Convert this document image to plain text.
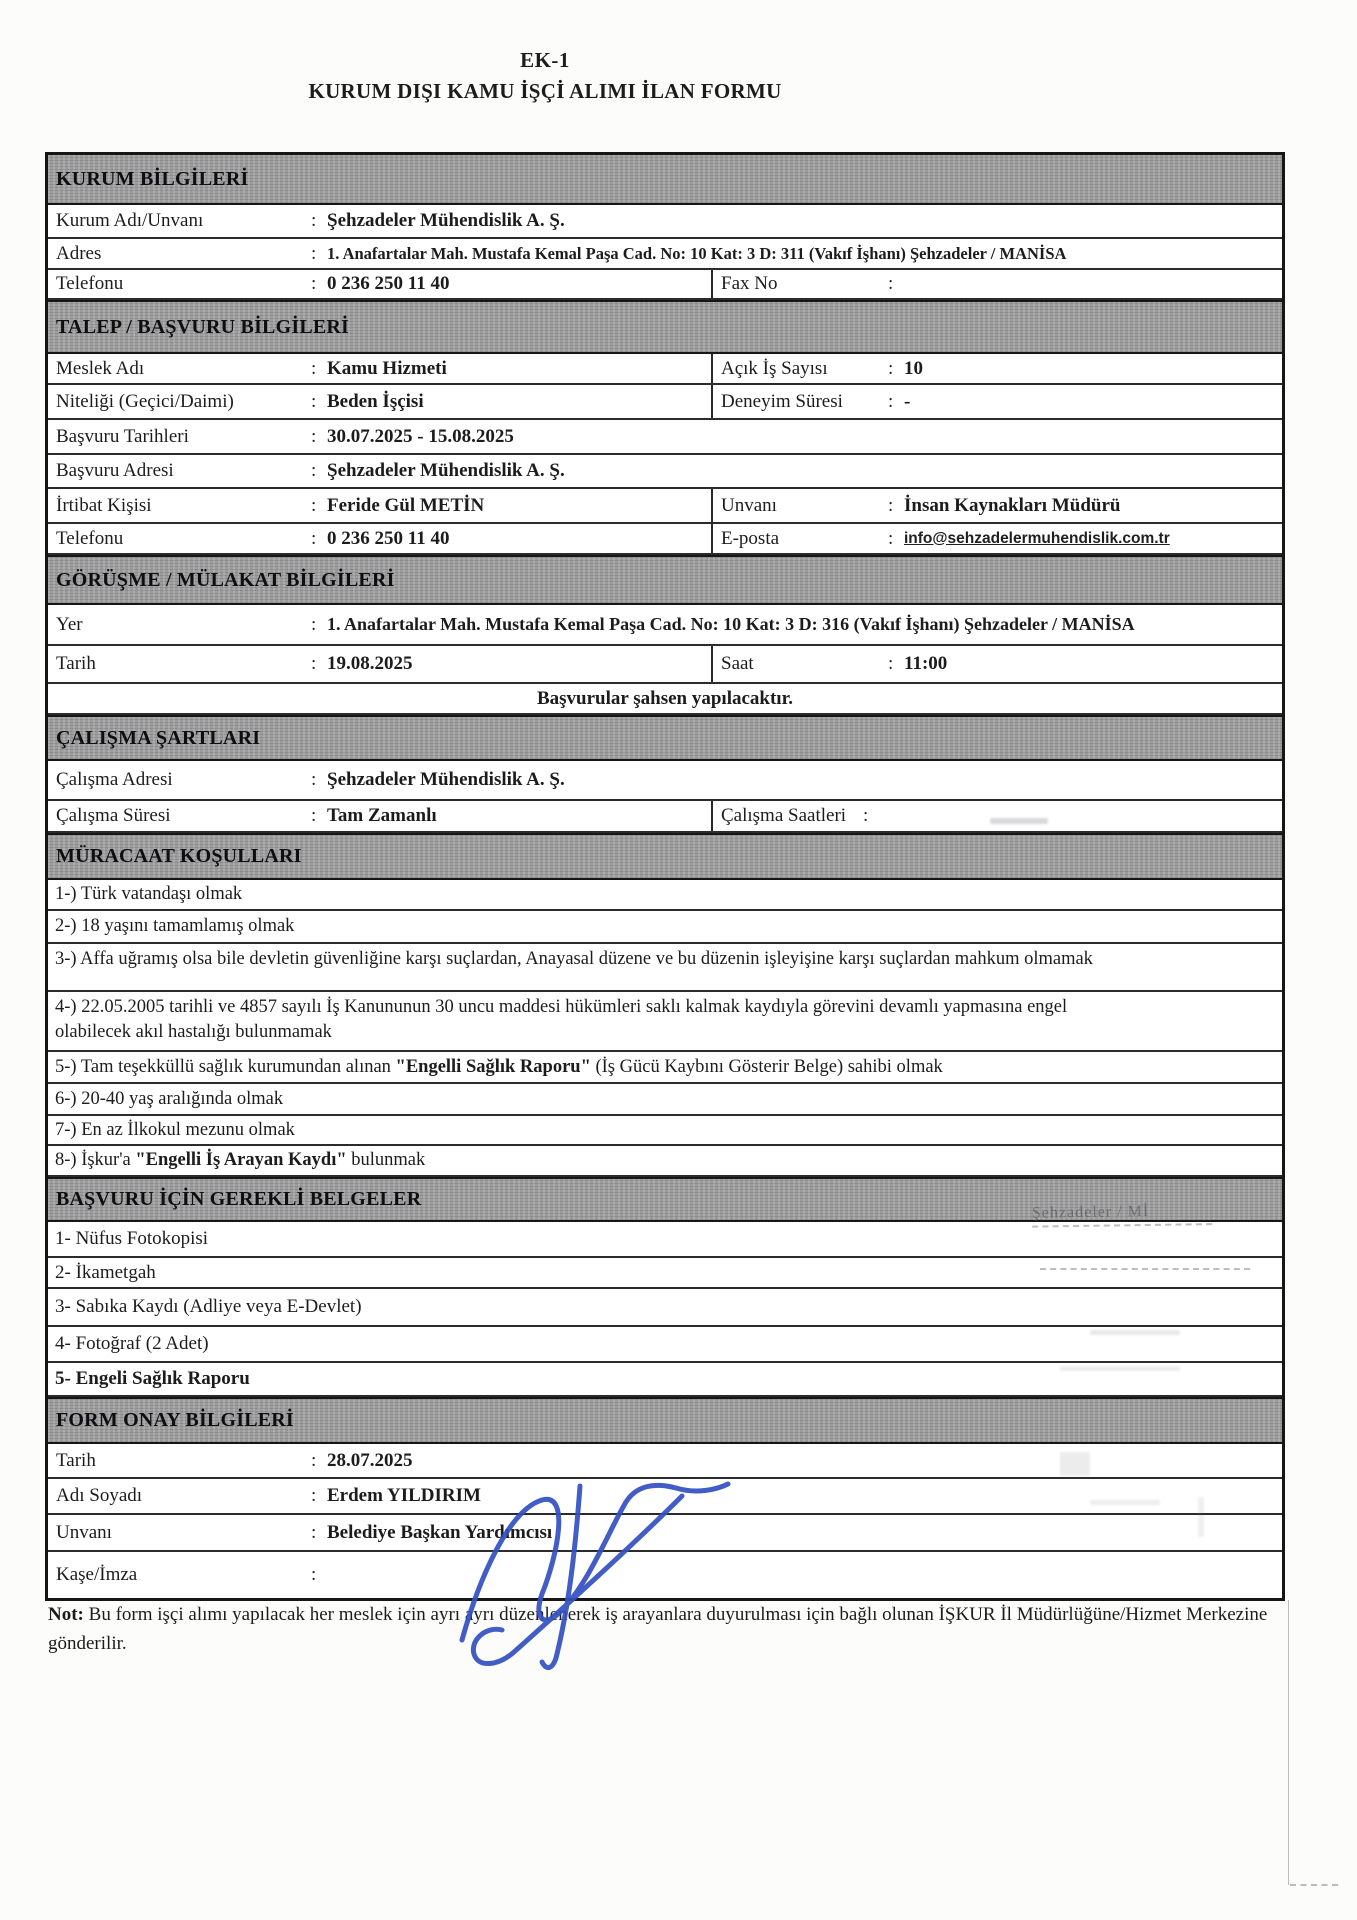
EK-1
KURUM DIŞI KAMU İŞÇİ ALIMI İLAN FORMU
KURUM BİLGİLERİ
Kurum Adı/Unvanı	: Şehzadeler Mühendislik A. Ş.
Adres	: 1. Anafartalar Mah. Mustafa Kemal Paşa Cad. No: 10 Kat: 3 D: 311 (Vakıf İşhanı) Şehzadeler / MANİSA
Telefonu	: 0 236 250 11 40	Fax No	:
TALEP / BAŞVURU BİLGİLERİ
Meslek Adı	: Kamu Hizmeti	Açık İş Sayısı	: 10
Niteliği (Geçici/Daimi)	: Beden İşçisi	Deneyim Süresi	: -
Başvuru Tarihleri	: 30.07.2025 - 15.08.2025
Başvuru Adresi	: Şehzadeler Mühendislik A. Ş.
İrtibat Kişisi	: Feride Gül METİN	Unvanı	: İnsan Kaynakları Müdürü
Telefonu	: 0 236 250 11 40	E-posta	: info@sehzadelermuhendislik.com.tr
GÖRÜŞME / MÜLAKAT BİLGİLERİ
Yer	: 1. Anafartalar Mah. Mustafa Kemal Paşa Cad. No: 10 Kat: 3 D: 316 (Vakıf İşhanı) Şehzadeler / MANİSA
Tarih	: 19.08.2025	Saat	: 11:00
Başvurular şahsen yapılacaktır.
ÇALIŞMA ŞARTLARI
Çalışma Adresi	: Şehzadeler Mühendislik A. Ş.
Çalışma Süresi	: Tam Zamanlı	Çalışma Saatleri :
MÜRACAAT KOŞULLARI
1-) Türk vatandaşı olmak
2-) 18 yaşını tamamlamış olmak
3-) Affa uğramış olsa bile devletin güvenliğine karşı suçlardan, Anayasal düzene ve bu düzenin işleyişine karşı suçlardan mahkum olmamak
4-) 22.05.2005 tarihli ve 4857 sayılı İş Kanununun 30 uncu maddesi hükümleri saklı kalmak kaydıyla görevini devamlı yapmasına engel olabilecek akıl hastalığı bulunmamak
5-) Tam teşekküllü sağlık kurumundan alınan "Engelli Sağlık Raporu" (İş Gücü Kaybını Gösterir Belge) sahibi olmak
6-) 20-40 yaş aralığında olmak
7-) En az İlkokul mezunu olmak
8-) İşkur'a "Engelli İş Arayan Kaydı" bulunmak
BAŞVURU İÇİN GEREKLİ BELGELER
1- Nüfus Fotokopisi
2- İkametgah
3- Sabıka Kaydı (Adliye veya E-Devlet)
4- Fotoğraf (2 Adet)
5- Engeli Sağlık Raporu
FORM ONAY BİLGİLERİ
Tarih	: 28.07.2025
Adı Soyadı	: Erdem YILDIRIM
Unvanı	: Belediye Başkan Yardımcısı
Kaşe/İmza	:
Not: Bu form işçi alımı yapılacak her meslek için ayrı ayrı düzenlenerek iş arayanlara duyurulması için bağlı olunan İŞKUR İl Müdürlüğüne/Hizmet Merkezine gönderilir.
Şehzadeler / Mİ
